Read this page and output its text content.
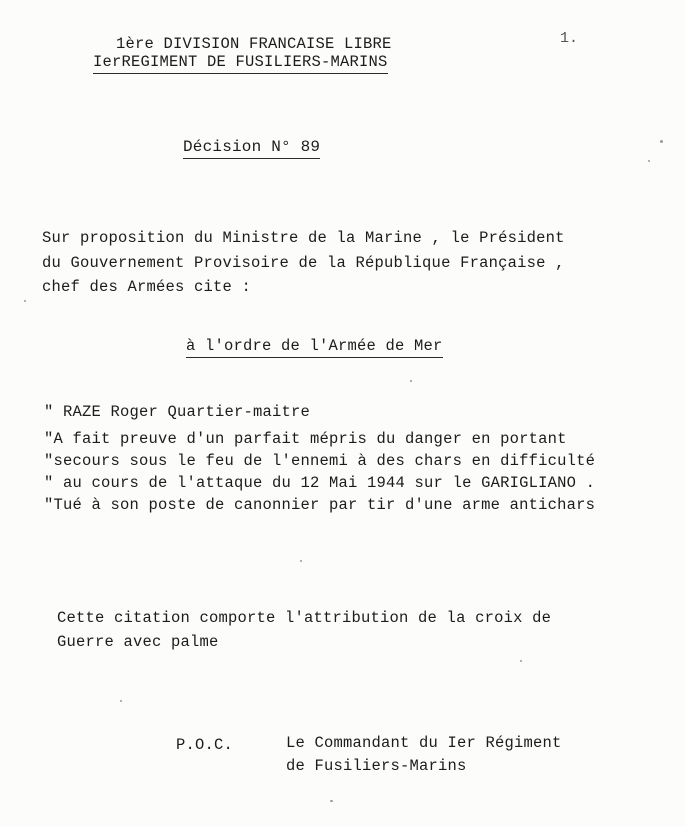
1.
1ère DIVISION FRANCAISE LIBRE
IerREGIMENT DE FUSILIERS-MARINS
Décision N° 89
Sur proposition du Ministre de la Marine , le Président
du Gouvernement Provisoire de la République Française ,
chef des Armées cite :
à l'ordre de l'Armée de Mer
" RAZE Roger Quartier-maitre
"A fait preuve d'un parfait mépris du danger en portant
"secours sous le feu de l'ennemi à des chars en difficulté
" au cours de l'attaque du 12 Mai 1944 sur le GARIGLIANO .
"Tué à son poste de canonnier par tir d'une arme antichars
Cette citation comporte l'attribution de la croix de
Guerre avec palme
P.O.C.	Le Commandant du Ier Régiment
de Fusiliers-Marins
